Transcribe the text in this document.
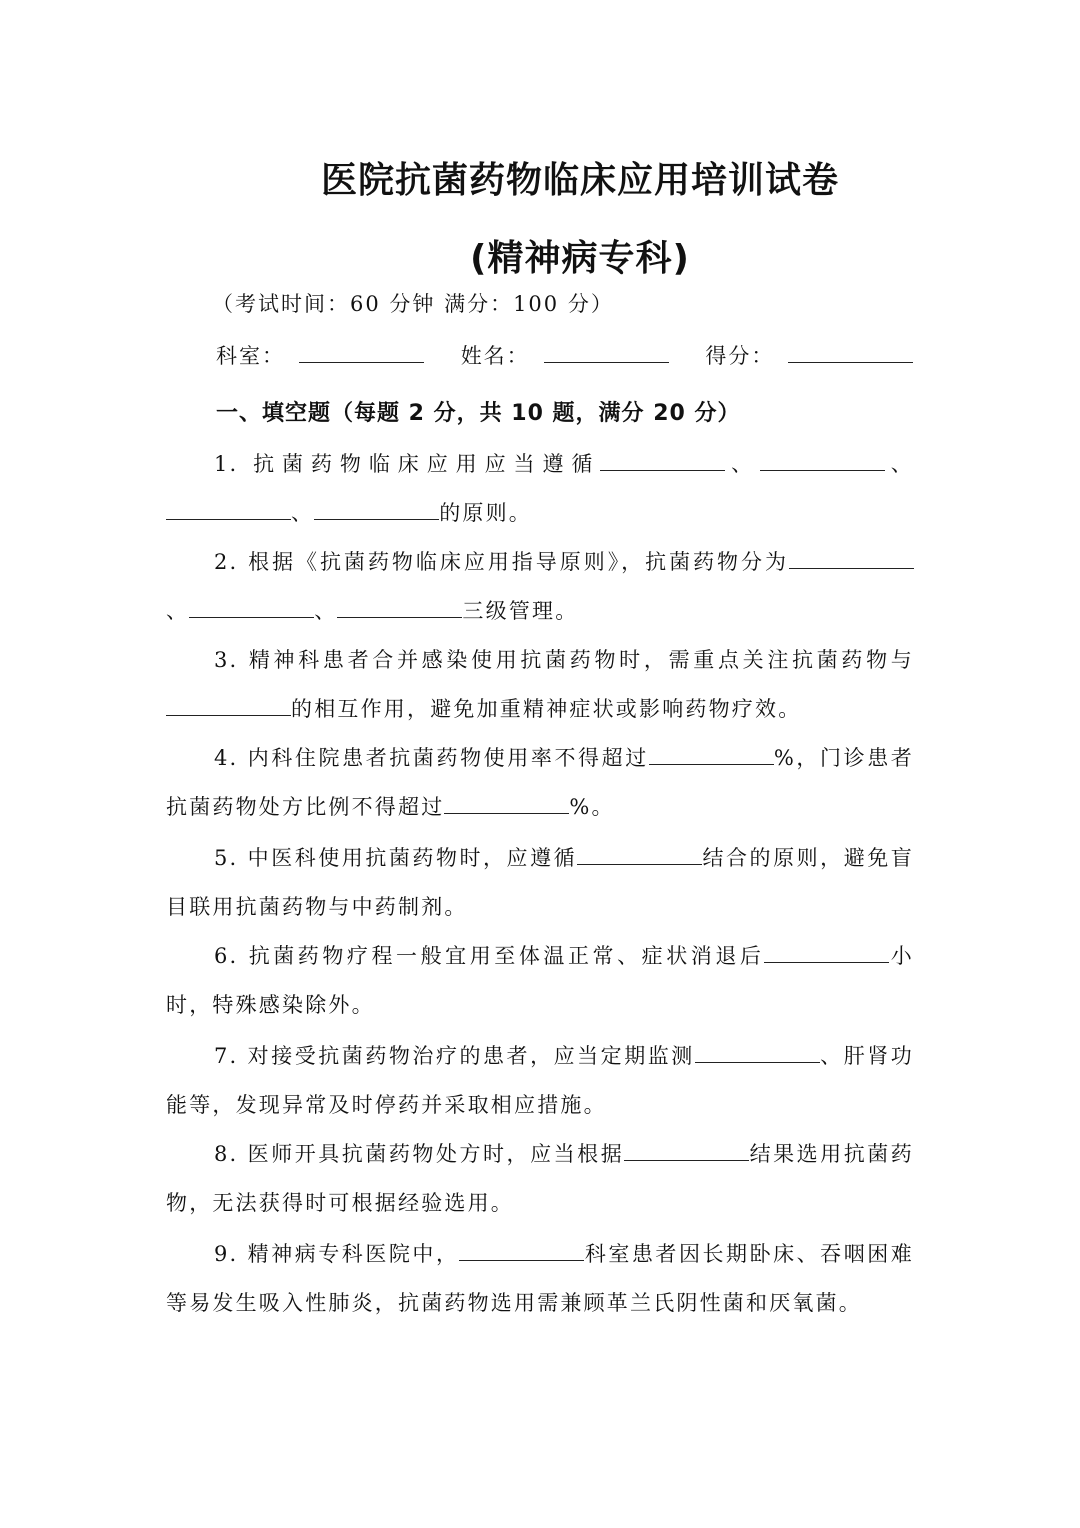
医院抗菌药物临床应用培训试卷
(精神病专科)
（考试时间：60 分钟 满分：100 分）
科室：	姓名：	得分：
一、填空题（每题 2 分，共 10 题，满分 20 分）
1. 抗菌药物临床应用应当遵循	、	、、	的原则。
2. 根据《抗菌药物临床应用指导原则》，抗菌药物分为、	、	三级管理。
3. 精神科患者合并感染使用抗菌药物时，需重点关注抗菌药物与的相互作用，避免加重精神症状或影响药物疗效。
4. 内科住院患者抗菌药物使用率不得超过	%，门诊患者抗菌药物处方比例不得超过	%。
5. 中医科使用抗菌药物时，应遵循	结合的原则，避免盲目联用抗菌药物与中药制剂。
6. 抗菌药物疗程一般宜用至体温正常、症状消退后	小时，特殊感染除外。
7. 对接受抗菌药物治疗的患者，应当定期监测	、肝肾功能等，发现异常及时停药并采取相应措施。
8. 医师开具抗菌药物处方时，应当根据	结果选用抗菌药物，无法获得时可根据经验选用。
9. 精神病专科医院中，	科室患者因长期卧床、吞咽困难等易发生吸入性肺炎，抗菌药物选用需兼顾革兰氏阴性菌和厌氧菌。
